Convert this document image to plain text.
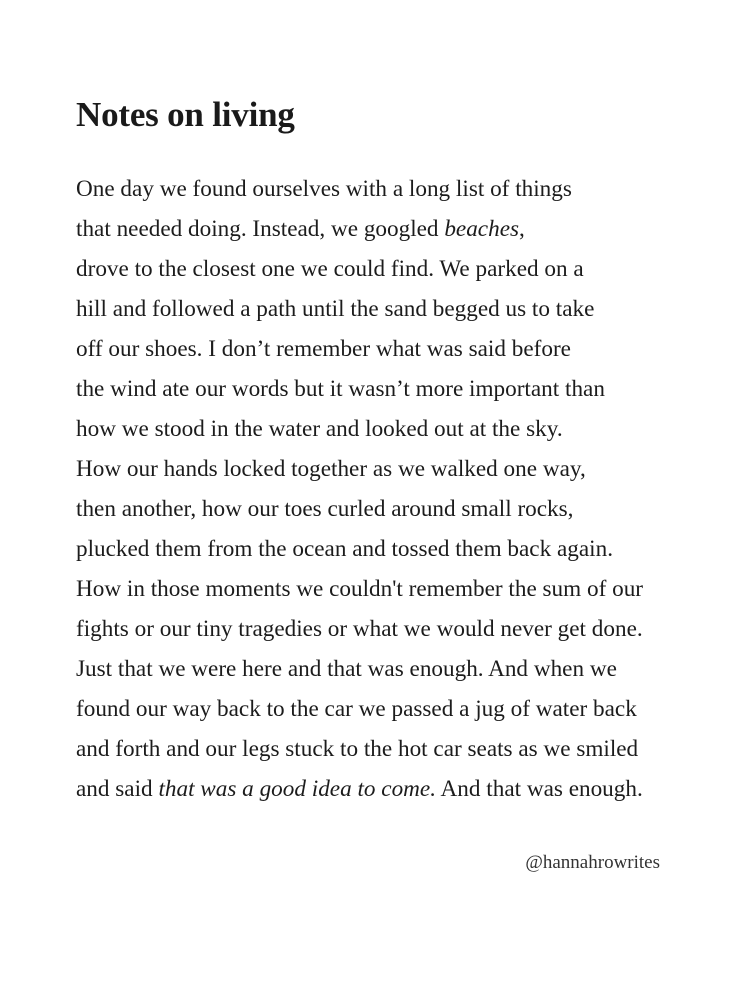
Notes on living
One day we found ourselves with a long list of things
that needed doing. Instead, we googled beaches,
drove to the closest one we could find. We parked on a
hill and followed a path until the sand begged us to take
off our shoes. I don’t remember what was said before
the wind ate our words but it wasn’t more important than
how we stood in the water and looked out at the sky.
How our hands locked together as we walked one way,
then another, how our toes curled around small rocks,
plucked them from the ocean and tossed them back again.
How in those moments we couldn't remember the sum of our
fights or our tiny tragedies or what we would never get done.
Just that we were here and that was enough. And when we
found our way back to the car we passed a jug of water back
and forth and our legs stuck to the hot car seats as we smiled
and said that was a good idea to come. And that was enough.
@hannahrowrites
